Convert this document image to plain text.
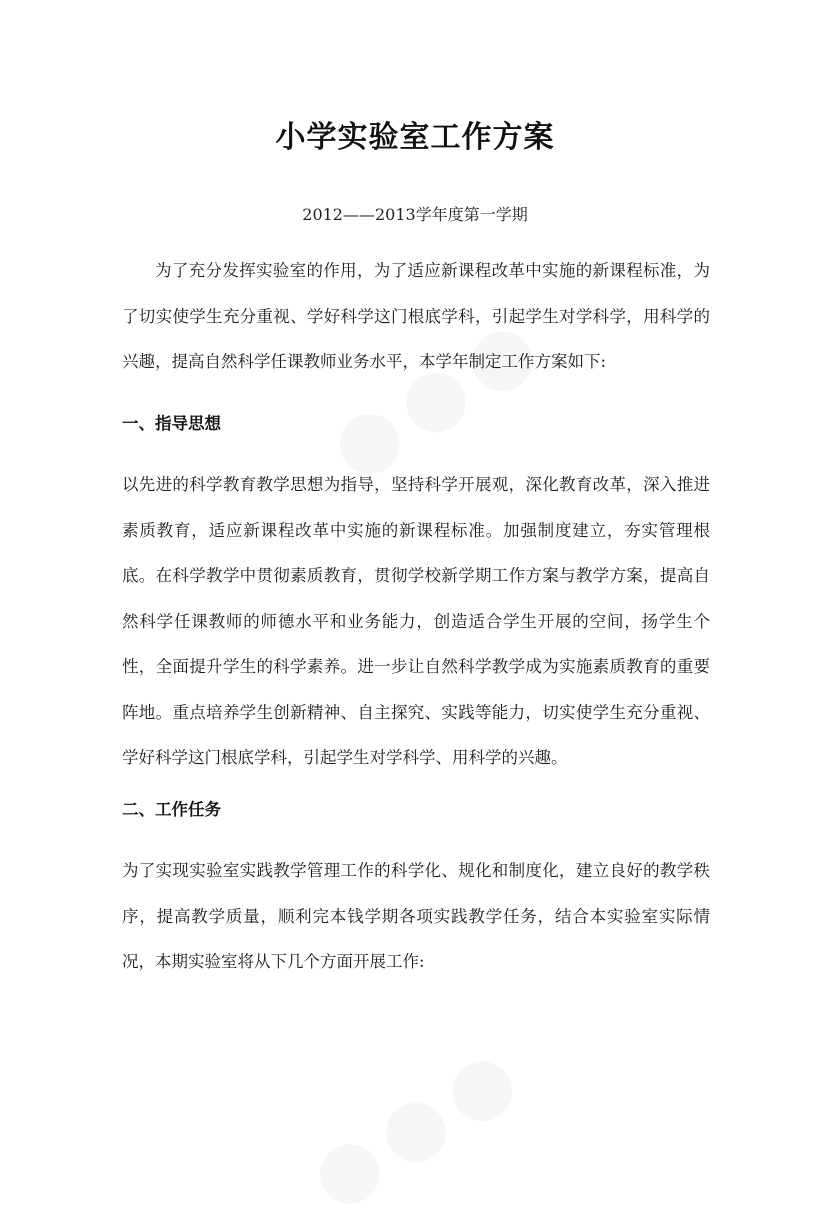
小学实验室工作方案
2012——2013学年度第一学期
为了充分发挥实验室的作用，为了适应新课程改革中实施的新课程标准，为了切实使学生充分重视、学好科学这门根底学科，引起学生对学科学，用科学的兴趣，提高自然科学任课教师业务水平，本学年制定工作方案如下:
一、指导思想
以先进的科学教育教学思想为指导，坚持科学开展观，深化教育改革，深入推进素质教育，适应新课程改革中实施的新课程标准。加强制度建立，夯实管理根底。在科学教学中贯彻素质教育，贯彻学校新学期工作方案与教学方案，提高自然科学任课教师的师德水平和业务能力，创造适合学生开展的空间，扬学生个性，全面提升学生的科学素养。进一步让自然科学教学成为实施素质教育的重要阵地。重点培养学生创新精神、自主探究、实践等能力，切实使学生充分重视、学好科学这门根底学科，引起学生对学科学、用科学的兴趣。
二、工作任务
为了实现实验室实践教学管理工作的科学化、规化和制度化，建立良好的教学秩序，提高教学质量，顺利完本钱学期各项实践教学任务，结合本实验室实际情况，本期实验室将从下几个方面开展工作:
